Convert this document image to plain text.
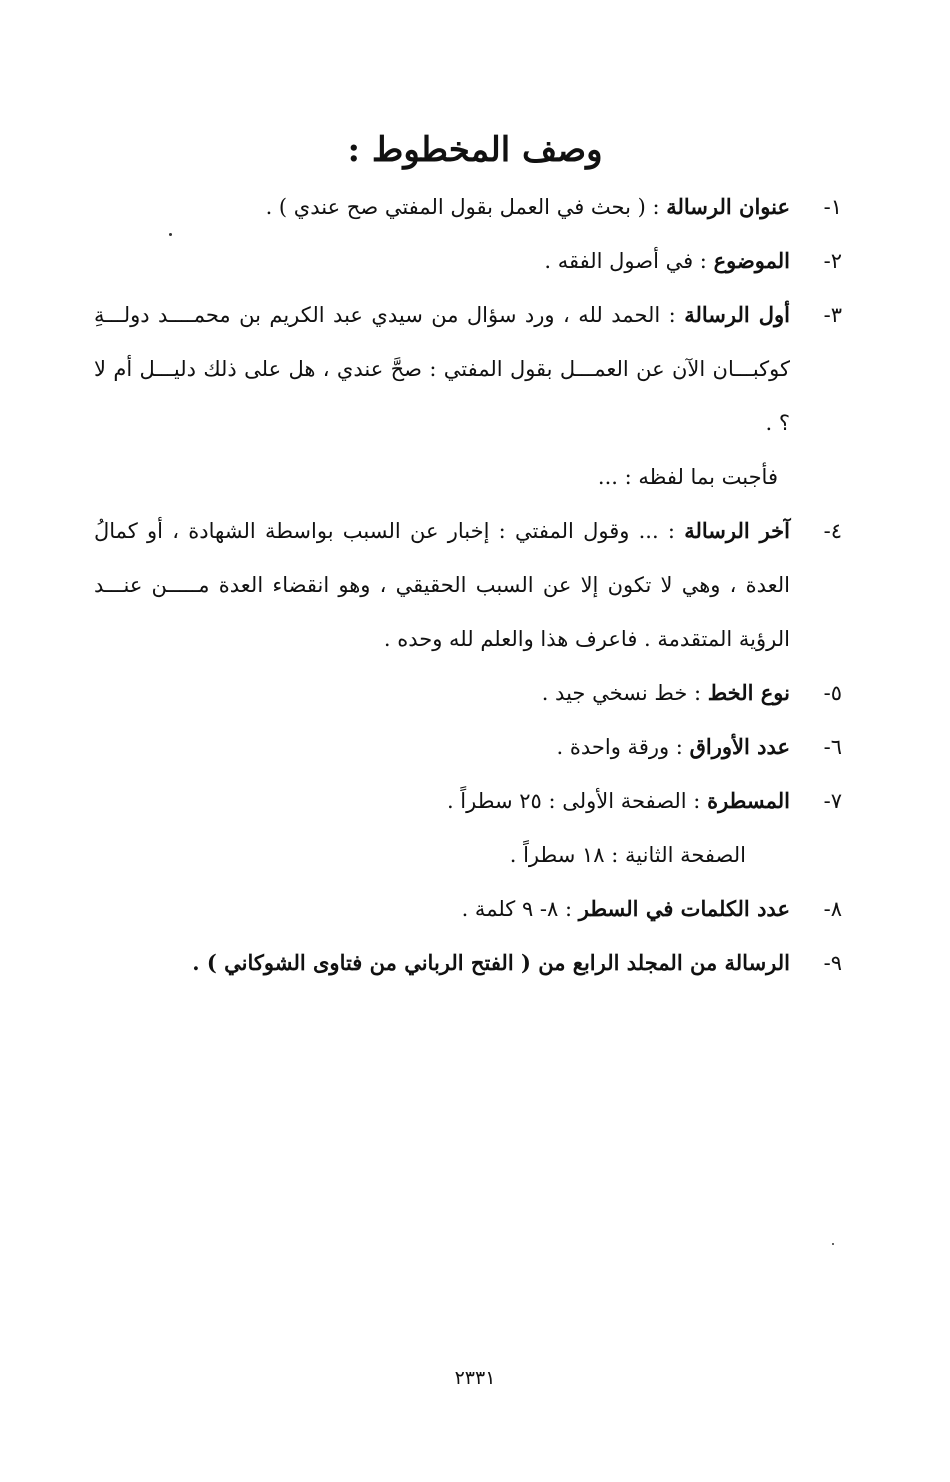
وصف المخطوط :
١-
عنوان الرسالة : ( بحث في العمل بقول المفتي صح عندي ) .
٢-
الموضوع : في أصول الفقه .
٣-
أول الرسالة : الحمد لله ، ورد سؤال من سيدي عبد الكريم بن محمــــد دولـــةِ كوكبـــان الآن عن العمـــل بقول المفتي : صحَّ عندي ، هل على ذلك دليـــل أم لا ؟ .
فأجبت بما لفظه : ...
٤-
آخر الرسالة : ... وقول المفتي : إخبار عن السبب بواسطة الشهادة ، أو كمالُ العدة ، وهي لا تكون إلا عن السبب الحقيقي ، وهو انقضاء العدة مـــــن عنـــد الرؤية المتقدمة . فاعرف هذا والعلم لله وحده .
٥-
نوع الخط : خط نسخي جيد .
٦-
عدد الأوراق : ورقة واحدة .
٧-
المسطرة : الصفحة الأولى : ٢٥ سطراً .
الصفحة الثانية : ١٨ سطراً .
٨-
عدد الكلمات في السطر : ٨- ٩ كلمة .
٩-
الرسالة من المجلد الرابع من ( الفتح الرباني من فتاوى الشوكاني ) .
٢٣٣١
